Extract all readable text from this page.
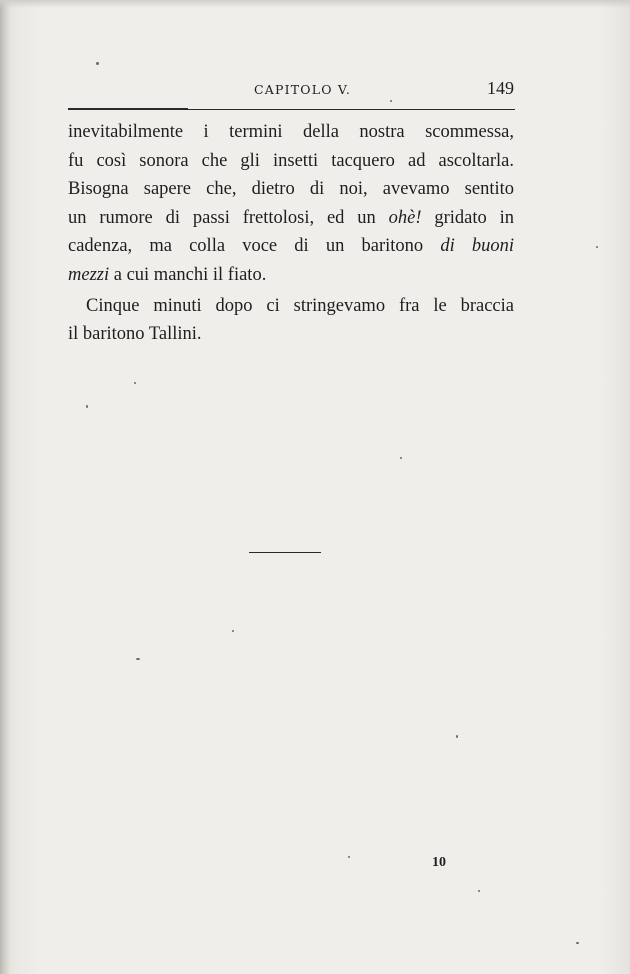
CAPITOLO V.	149
inevitabilmente i termini della nostra scommessa,
fu così sonora che gli insetti tacquero ad ascoltarla.
Bisogna sapere che, dietro di noi, avevamo sentito
un rumore di passi frettolosi, ed un ohè! gridato in
cadenza, ma colla voce di un baritono di buoni
mezzi a cui manchi il fiato.
Cinque minuti dopo ci stringevamo fra le braccia
il baritono Tallini.
10
